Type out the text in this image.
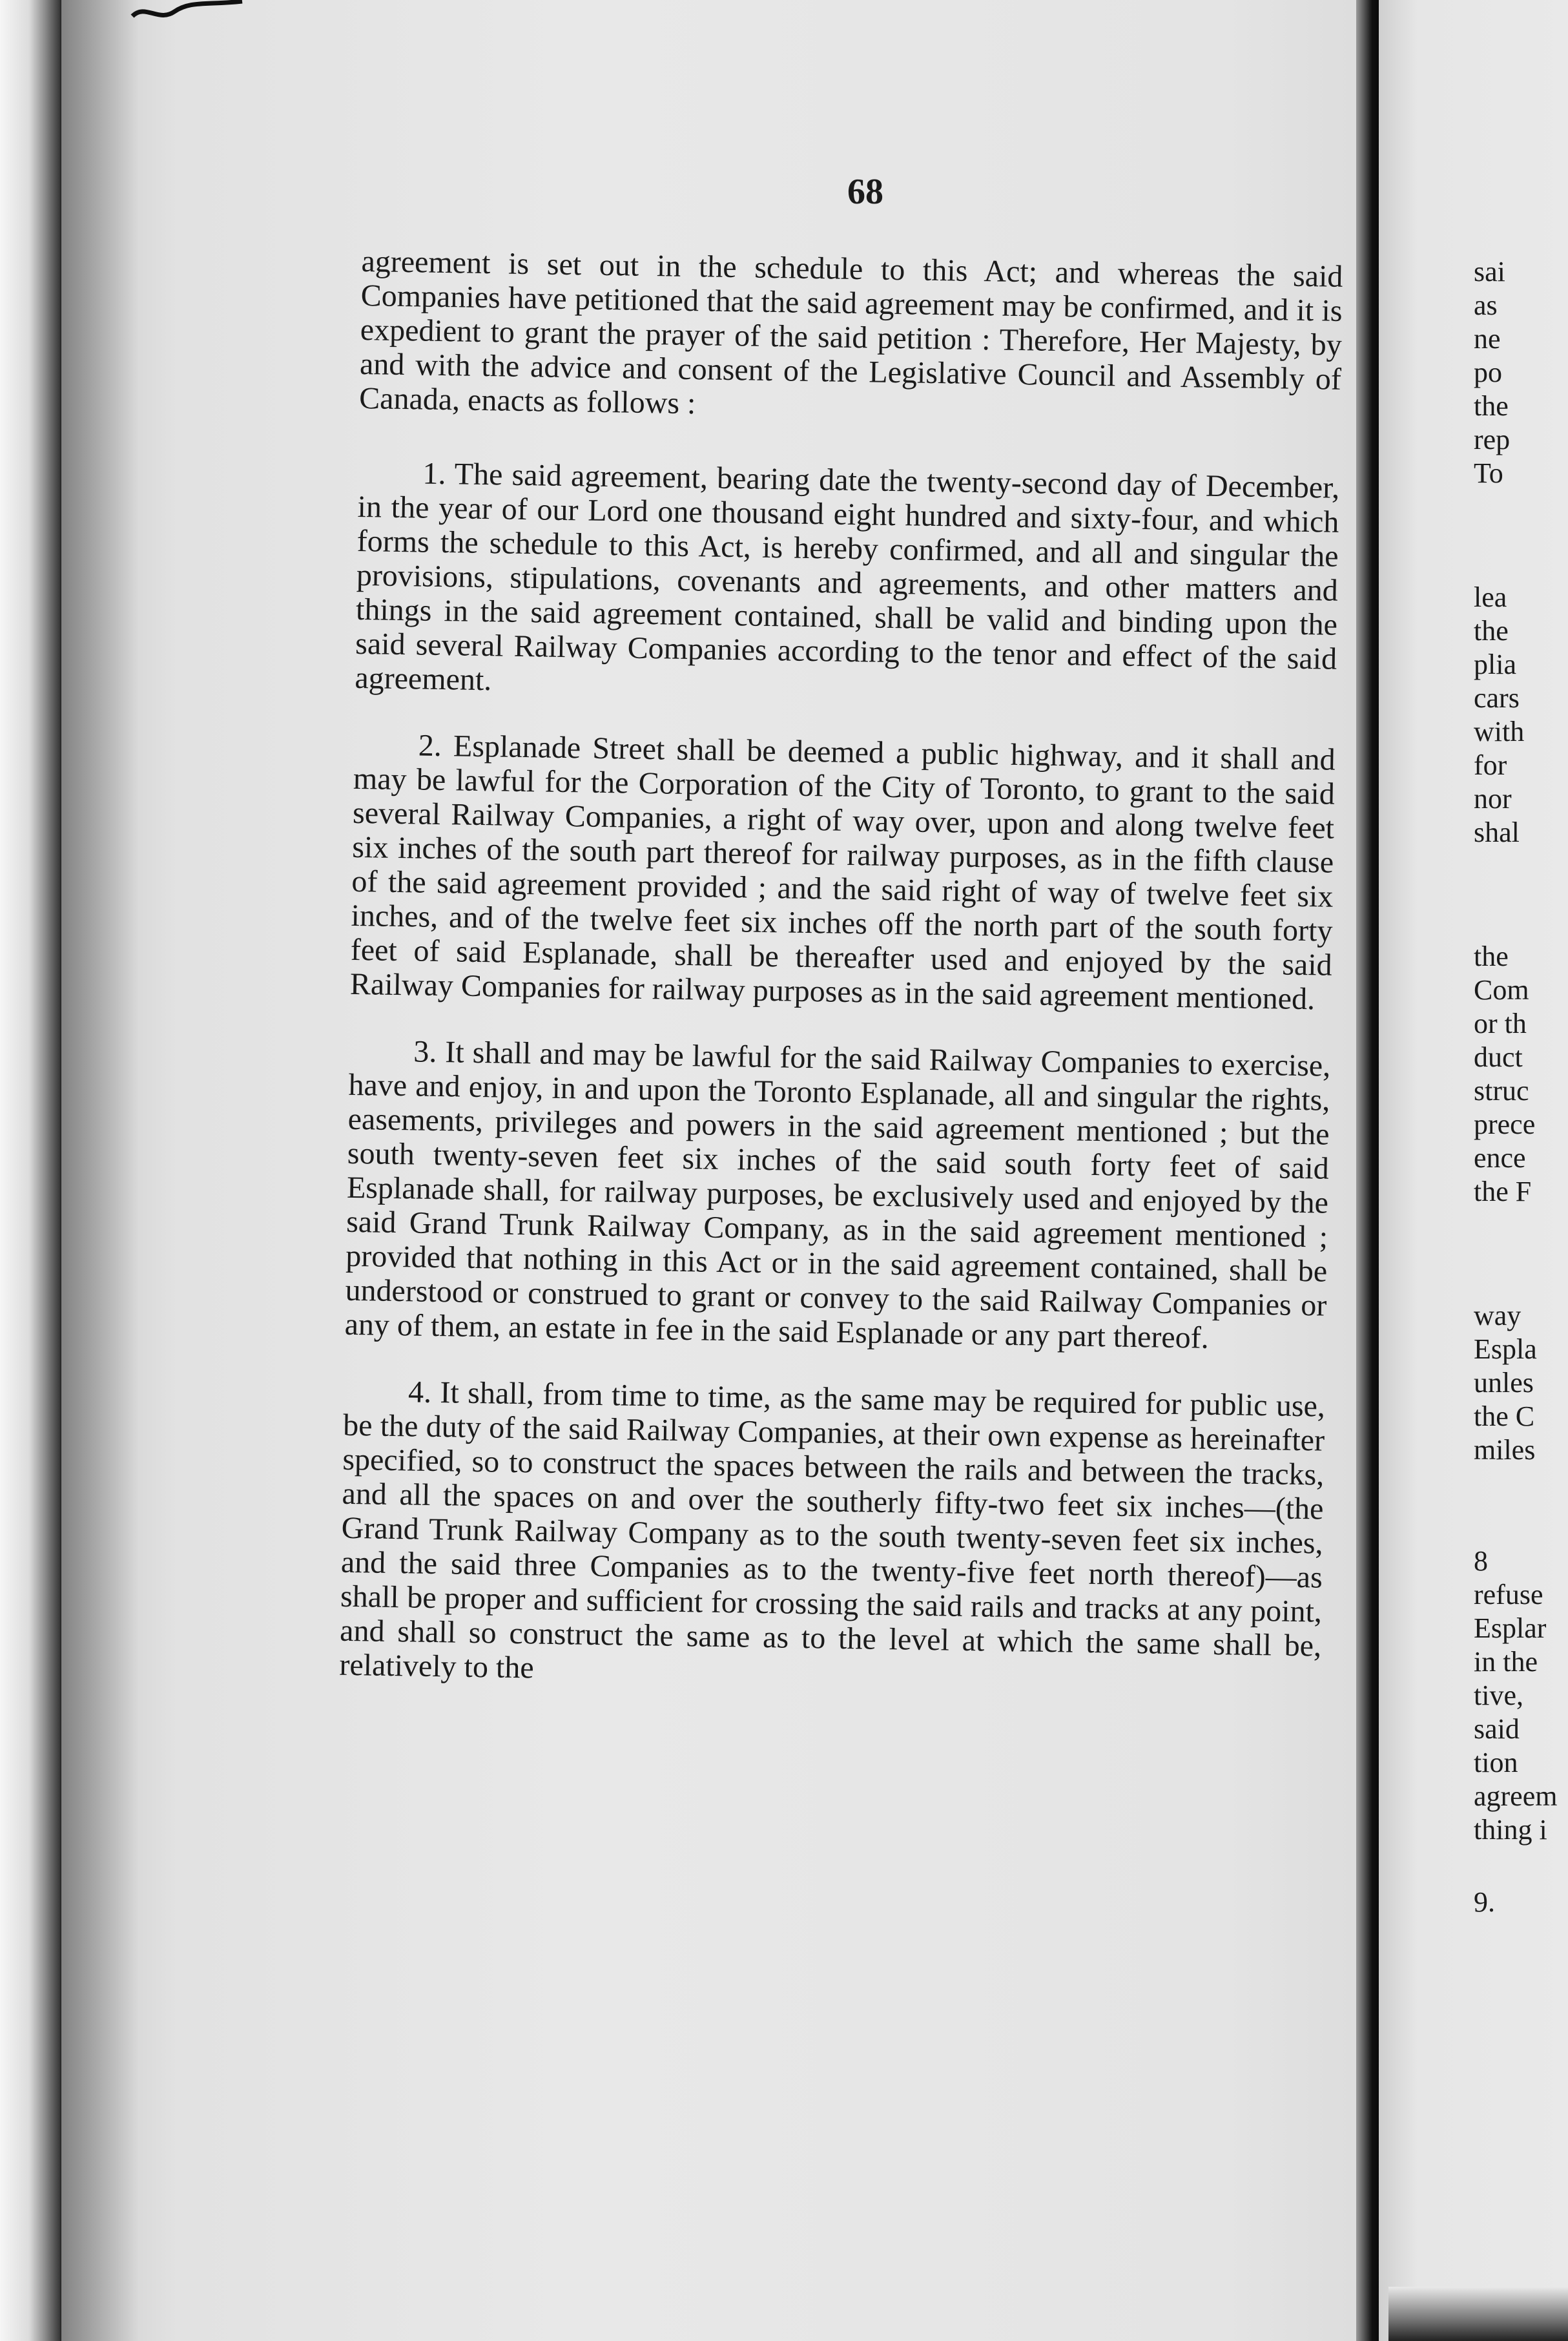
68

agreement is set out in the schedule to this Act; and whereas the said Companies have petitioned that the said agreement may be confirmed, and it is expedient to grant the prayer of the said petition : Therefore, Her Majesty, by and with the advice and consent of the Legislative Council and Assembly of Canada, enacts as follows :

1. The said agreement, bearing date the twenty-second day of December, in the year of our Lord one thousand eight hundred and sixty-four, and which forms the schedule to this Act, is hereby confirmed, and all and singular the provisions, stipulations, covenants and agreements, and other matters and things in the said agreement contained, shall be valid and binding upon the said several Railway Companies according to the tenor and effect of the said agreement.

2. Esplanade Street shall be deemed a public highway, and it shall and may be lawful for the Corporation of the City of Toronto, to grant to the said several Railway Companies, a right of way over, upon and along twelve feet six inches of the south part thereof for railway purposes, as in the fifth clause of the said agreement provided ; and the said right of way of twelve feet six inches, and of the twelve feet six inches off the north part of the south forty feet of said Esplanade, shall be thereafter used and enjoyed by the said Railway Companies for railway purposes as in the said agreement mentioned.

3. It shall and may be lawful for the said Railway Companies to exercise, have and enjoy, in and upon the Toronto Esplanade, all and singular the rights, easements, privileges and powers in the said agreement mentioned ; but the south twenty-seven feet six inches of the said south forty feet of said Esplanade shall, for railway purposes, be exclusively used and enjoyed by the said Grand Trunk Railway Company, as in the said agreement mentioned ; provided that nothing in this Act or in the said agreement contained, shall be understood or construed to grant or convey to the said Railway Companies or any of them, an estate in fee in the said Esplanade or any part thereof.

4. It shall, from time to time, as the same may be required for public use, be the duty of the said Railway Companies, at their own expense as hereinafter specified, so to construct the spaces between the rails and between the tracks, and all the spaces on and over the southerly fifty-two feet six inches—(the Grand Trunk Railway Company as to the south twenty-seven feet six inches, and the said three Companies as to the twenty-five feet north thereof)—as shall be proper and sufficient for crossing the said rails and tracks at any point, and shall so construct the same as to the level at which the same shall be, relatively to the

sai
as
ne
po
the
rep
To
lea
the
plia
cars
with
for
nor
shal
the
Com
or th
duct
struc
prece
ence
the F
way
Espla
unles
the C
miles
8
refuse
Esplar
in the
tive,
said
tion
agreem
thing i
9.
